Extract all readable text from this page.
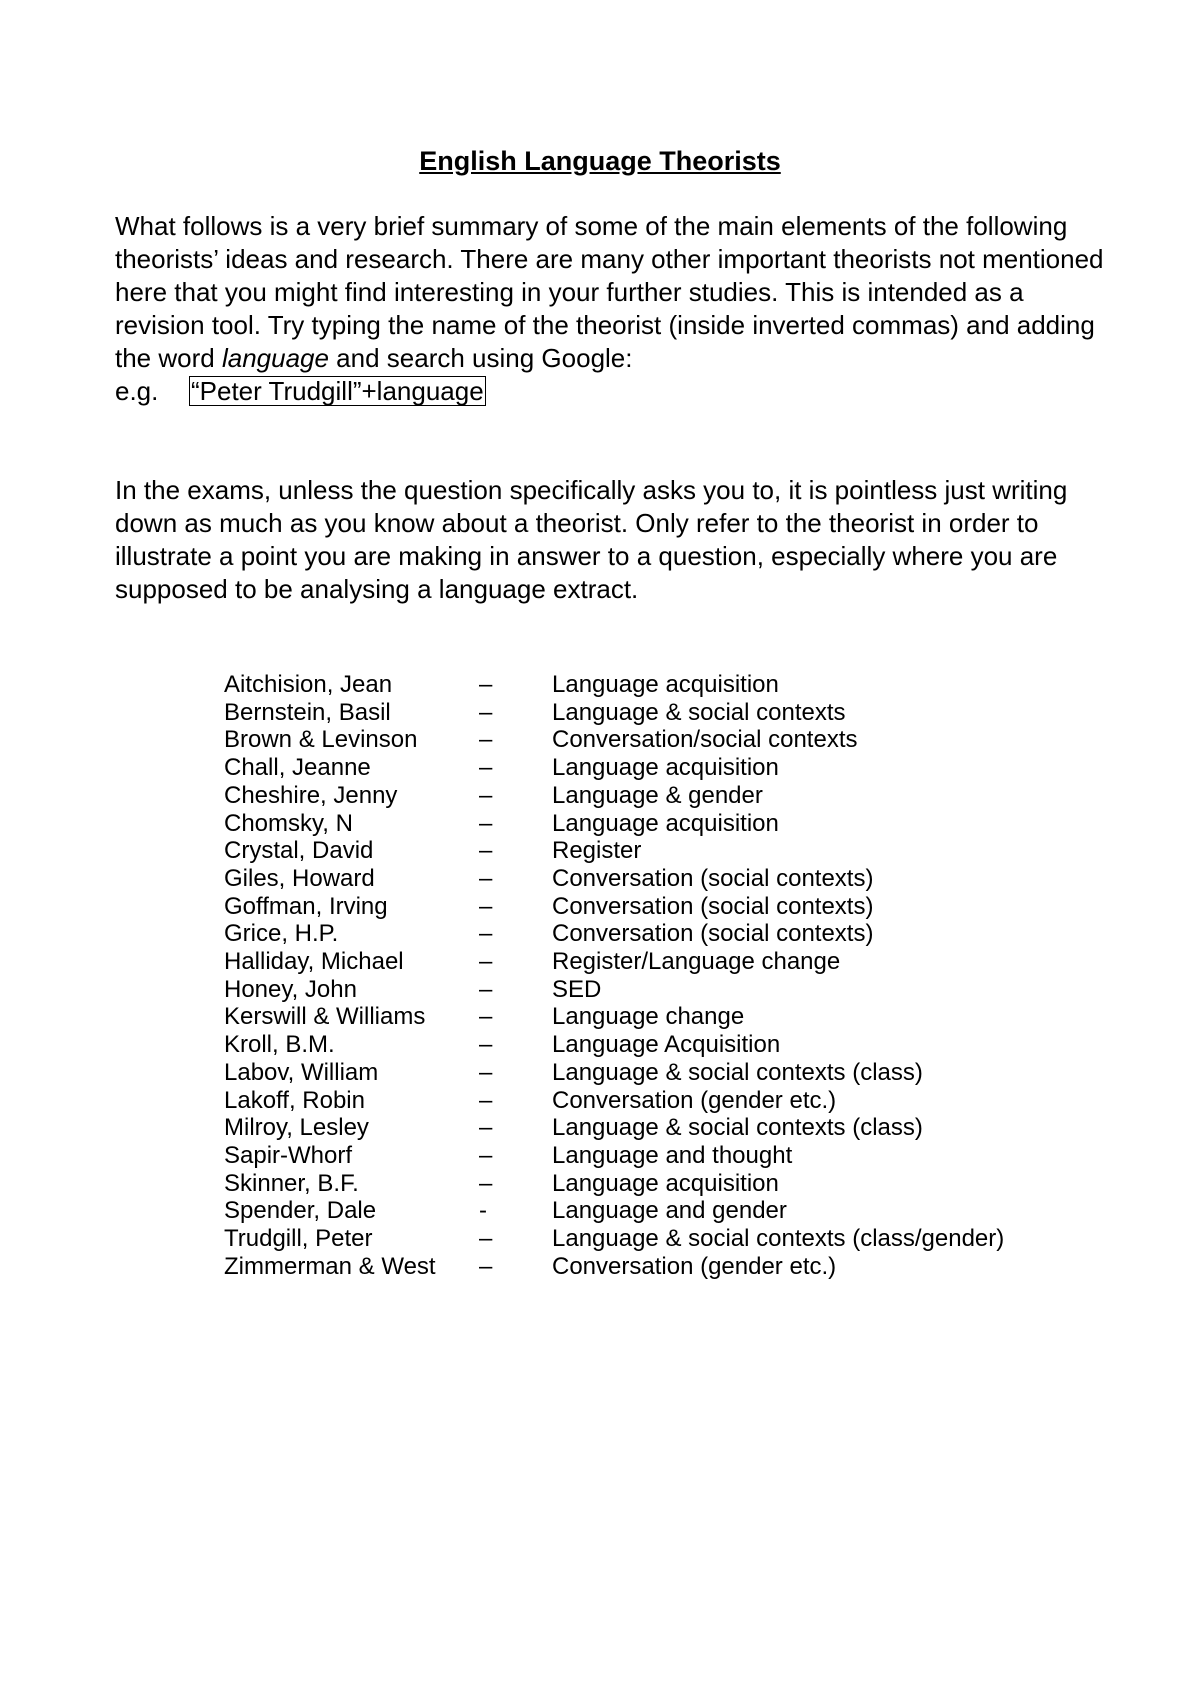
English Language Theorists

What follows is a very brief summary of some of the main elements of the following theorists’ ideas and research. There are many other important theorists not mentioned here that you might find interesting in your further studies. This is intended as a revision tool. Try typing the name of the theorist (inside inverted commas) and adding the word language and search using Google:

e.g. “Peter Trudgill”+language

In the exams, unless the question specifically asks you to, it is pointless just writing down as much as you know about a theorist. Only refer to the theorist in order to illustrate a point you are making in answer to a question, especially where you are supposed to be analysing a language extract.

Aitchision, Jean	–	Language acquisition
Bernstein, Basil	–	Language & social contexts
Brown & Levinson	–	Conversation/social contexts
Chall, Jeanne	–	Language acquisition
Cheshire, Jenny	–	Language & gender
Chomsky, N	–	Language acquisition
Crystal, David	–	Register
Giles, Howard	–	Conversation (social contexts)
Goffman, Irving	–	Conversation (social contexts)
Grice, H.P.	–	Conversation (social contexts)
Halliday, Michael	–	Register/Language change
Honey, John	–	SED
Kerswill & Williams	–	Language change
Kroll, B.M.	–	Language Acquisition
Labov, William	–	Language & social contexts (class)
Lakoff, Robin	–	Conversation (gender etc.)
Milroy, Lesley	–	Language & social contexts (class)
Sapir-Whorf	–	Language and thought
Skinner, B.F.	–	Language acquisition
Spender, Dale	-	Language and gender
Trudgill, Peter	–	Language & social contexts (class/gender)
Zimmerman & West	–	Conversation (gender etc.)
